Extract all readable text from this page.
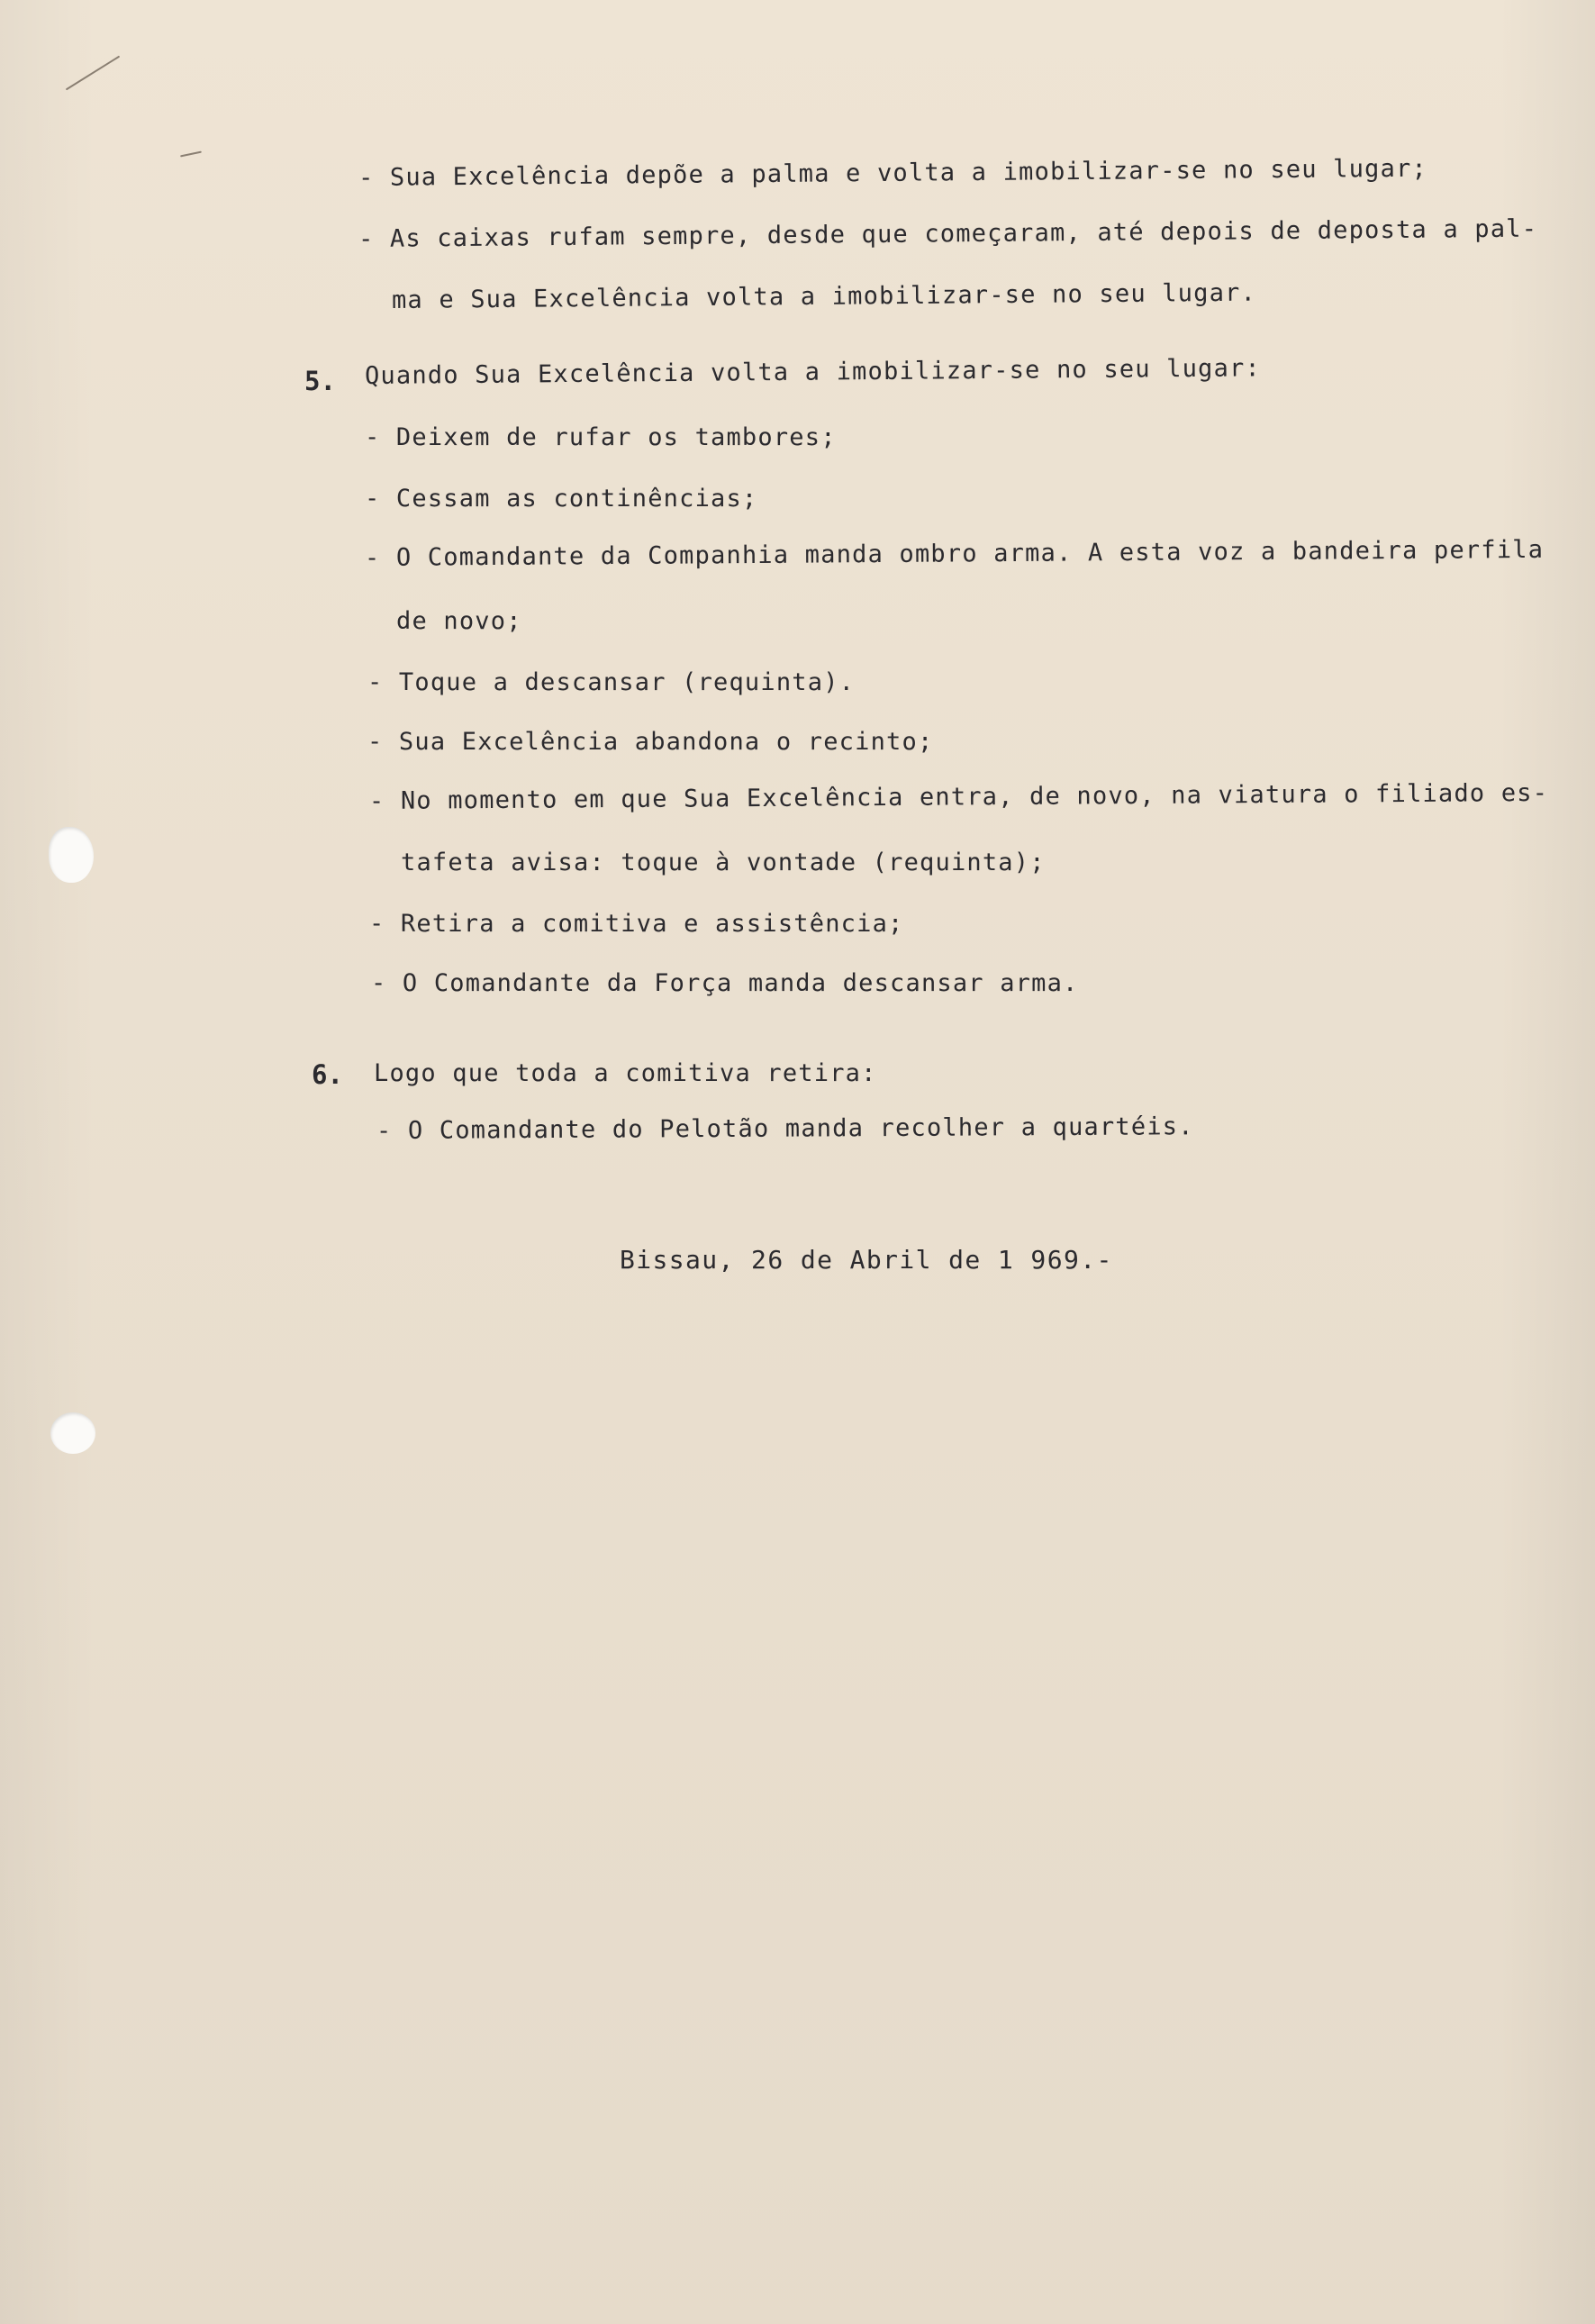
- Sua Excelência depõe a palma e volta a imobilizar-se no seu lugar;
- As caixas rufam sempre, desde que começaram, até depois de deposta a pal-
ma e Sua Excelência volta a imobilizar-se no seu lugar.
5. Quando Sua Excelência volta a imobilizar-se no seu lugar:
- Deixem de rufar os tambores;
- Cessam as continências;
- O Comandante da Companhia manda ombro arma. A esta voz a bandeira perfila
de novo;
- Toque a descansar (requinta).
- Sua Excelência abandona o recinto;
- No momento em que Sua Excelência entra, de novo, na viatura o filiado es-
tafeta avisa: toque à vontade (requinta);
- Retira a comitiva e assistência;
- O Comandante da Força manda descansar arma.
6. Logo que toda a comitiva retira:
- O Comandante do Pelotão manda recolher a quartéis.
Bissau, 26 de Abril de 1 969.-
